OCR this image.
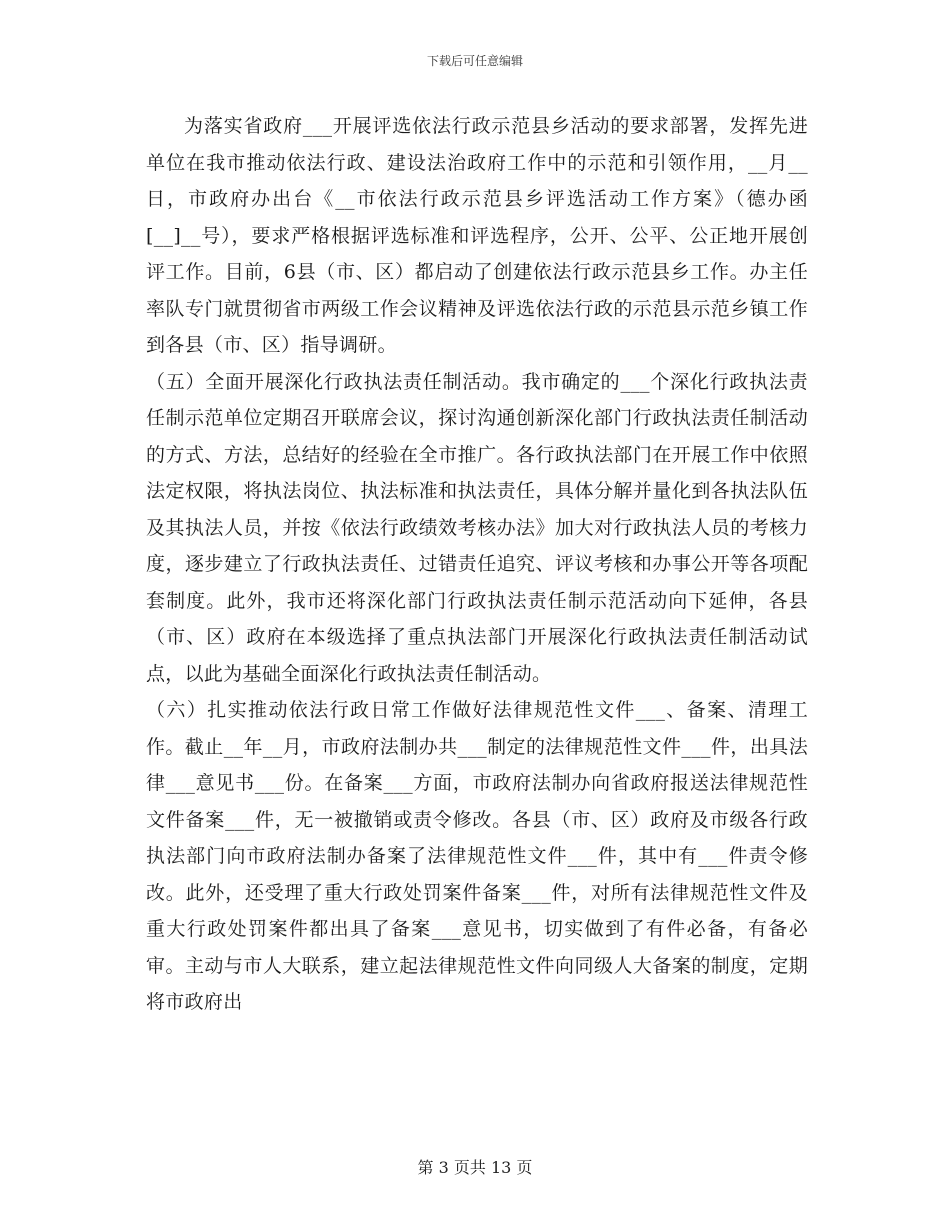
下载后可任意编辑

为落实省政府___开展评选依法行政示范县乡活动的要求部署，发挥先进单位在我市推动依法行政、建设法治政府工作中的示范和引领作用，__月__日，市政府办出台《__市依法行政示范县乡评选活动工作方案》（德办函[__]__号），要求严格根据评选标准和评选程序，公开、公平、公正地开展创评工作。目前，6县（市、区）都启动了创建依法行政示范县乡工作。办主任率队专门就贯彻省市两级工作会议精神及评选依法行政的示范县示范乡镇工作到各县（市、区）指导调研。

（五）全面开展深化行政执法责任制活动。我市确定的___个深化行政执法责任制示范单位定期召开联席会议，探讨沟通创新深化部门行政执法责任制活动的方式、方法，总结好的经验在全市推广。各行政执法部门在开展工作中依照法定权限，将执法岗位、执法标准和执法责任，具体分解并量化到各执法队伍及其执法人员，并按《依法行政绩效考核办法》加大对行政执法人员的考核力度，逐步建立了行政执法责任、过错责任追究、评议考核和办事公开等各项配套制度。此外，我市还将深化部门行政执法责任制示范活动向下延伸，各县（市、区）政府在本级选择了重点执法部门开展深化行政执法责任制活动试点，以此为基础全面深化行政执法责任制活动。

（六）扎实推动依法行政日常工作做好法律规范性文件___、备案、清理工作。截止__年__月，市政府法制办共___制定的法律规范性文件___件，出具法律___意见书___份。在备案___方面，市政府法制办向省政府报送法律规范性文件备案___件，无一被撤销或责令修改。各县（市、区）政府及市级各行政执法部门向市政府法制办备案了法律规范性文件___件，其中有___件责令修改。此外，还受理了重大行政处罚案件备案___件，对所有法律规范性文件及重大行政处罚案件都出具了备案___意见书，切实做到了有件必备，有备必审。主动与市人大联系，建立起法律规范性文件向同级人大备案的制度，定期将市政府出

第 3 页共 13 页
